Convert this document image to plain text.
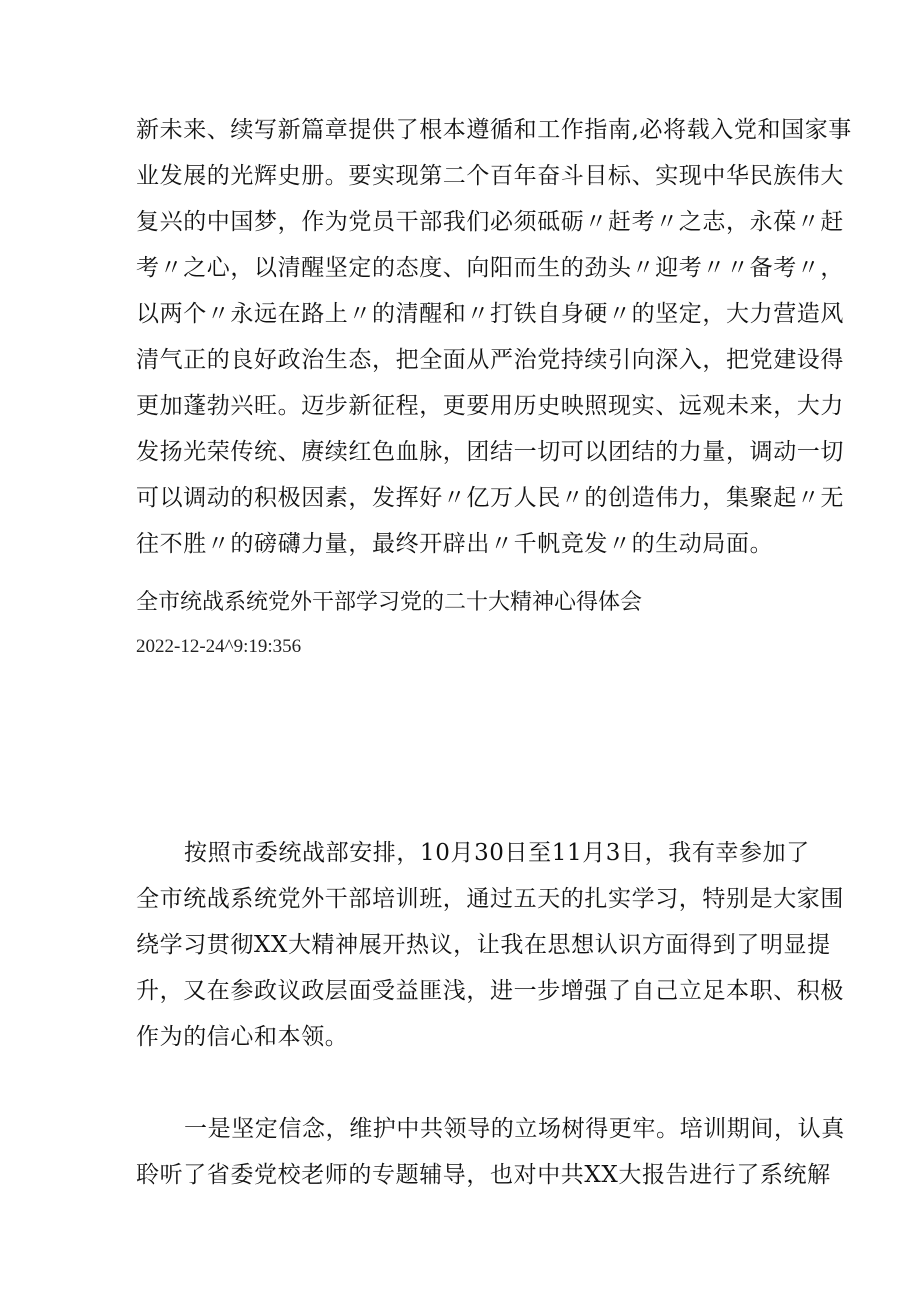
新未来、续写新篇章提供了根本遵循和工作指南,必将载入党和国家事
业发展的光辉史册。要实现第二个百年奋斗目标、实现中华民族伟大
复兴的中国梦，作为党员干部我们必须砥砺〃赶考〃之志，永葆〃赶
考〃之心，以清醒坚定的态度、向阳而生的劲头〃迎考〃〃备考〃，
以两个〃永远在路上〃的清醒和〃打铁自身硬〃的坚定，大力营造风
清气正的良好政治生态，把全面从严治党持续引向深入，把党建设得
更加蓬勃兴旺。迈步新征程，更要用历史映照现实、远观未来，大力
发扬光荣传统、赓续红色血脉，团结一切可以团结的力量，调动一切
可以调动的积极因素，发挥好〃亿万人民〃的创造伟力，集聚起〃无
往不胜〃的磅礴力量，最终开辟出〃千帆竞发〃的生动局面。
全市统战系统党外干部学习党的二十大精神心得体会
2022-12-24^9:19:356
按照市委统战部安排，10月30日至11月3日，我有幸参加了
全市统战系统党外干部培训班，通过五天的扎实学习，特别是大家围
绕学习贯彻XX大精神展开热议，让我在思想认识方面得到了明显提
升，又在参政议政层面受益匪浅，进一步增强了自己立足本职、积极
作为的信心和本领。
一是坚定信念，维护中共领导的立场树得更牢。培训期间，认真
聆听了省委党校老师的专题辅导，也对中共XX大报告进行了系统解
